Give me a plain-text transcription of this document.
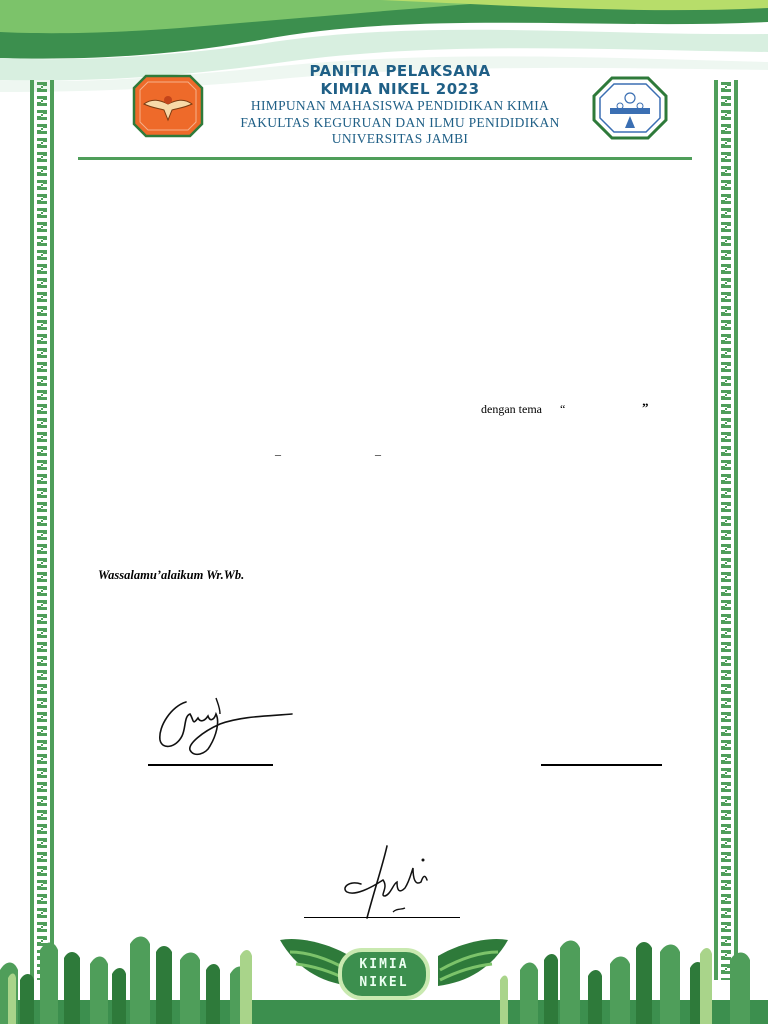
PANITIA PELAKSANA
KIMIA NIKEL 2023
HIMPUNAN MAHASISWA PENDIDIKAN KIMIA
FAKULTAS KEGURUAN DAN ILMU PENIDIDIKAN
UNIVERSITAS JAMBI
dengan tema “	”
–	–
Wassalamu’alaikum Wr.Wb.
KIMIA
NIKEL
